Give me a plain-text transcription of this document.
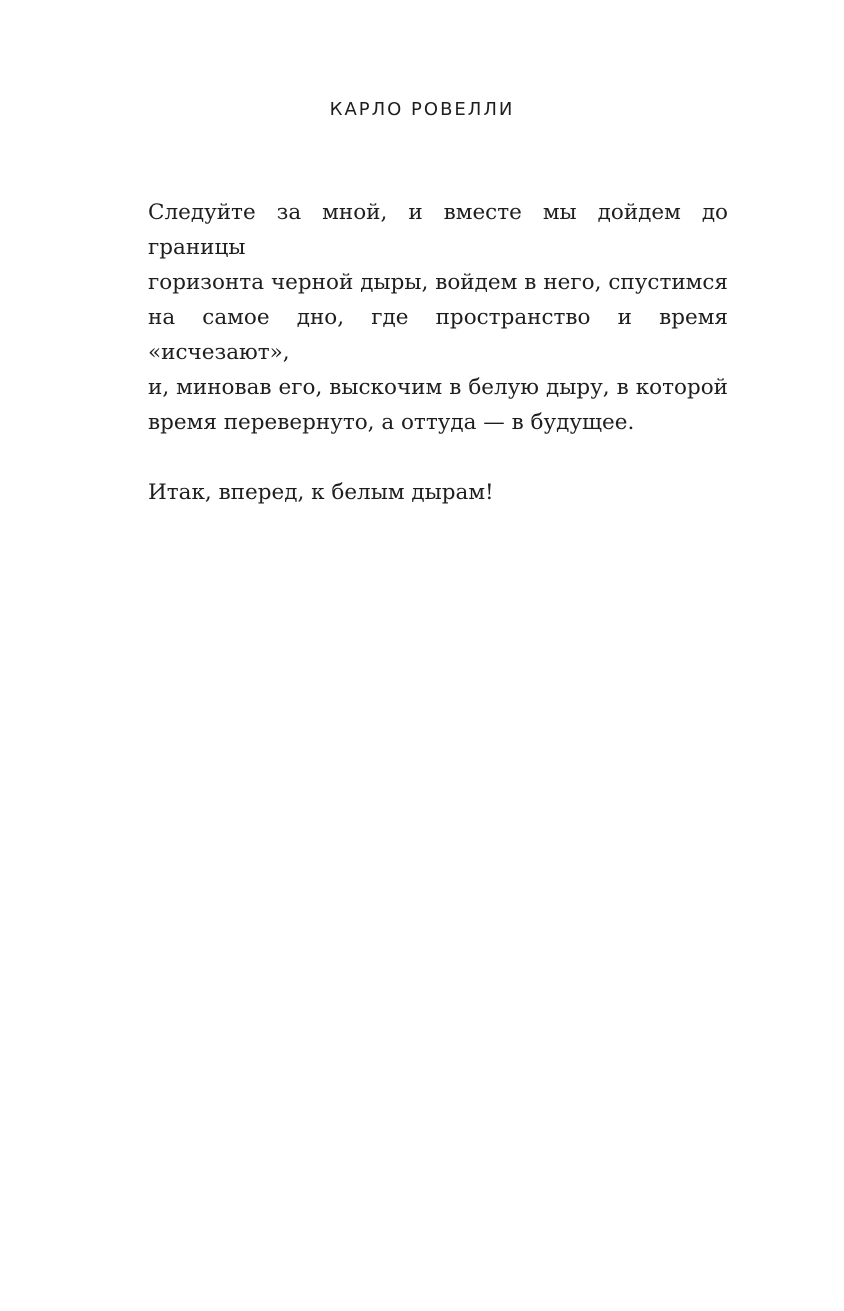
КАРЛО РОВЕЛЛИ

Следуйте за мной, и вместе мы дойдем до границы
горизонта черной дыры, войдем в него, спустимся
на самое дно, где пространство и время «исчезают»,
и, миновав его, выскочим в белую дыру, в которой
время перевернуто, а оттуда — в будущее.
Итак, вперед, к белым дырам!
